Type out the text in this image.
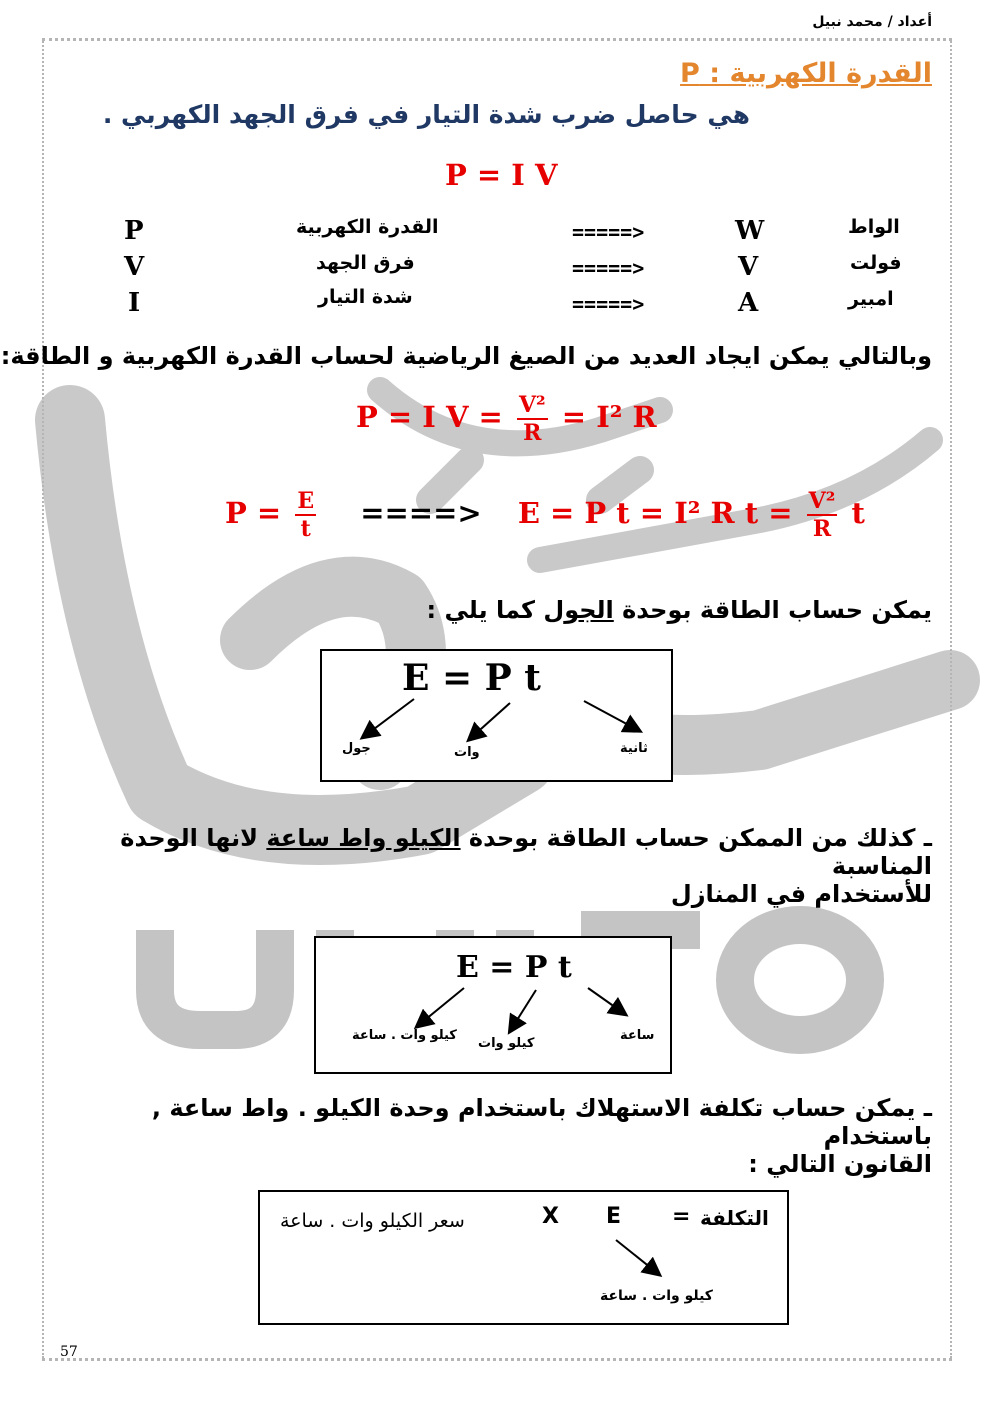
أعداد / محمد نبيل
القدرة الكهربية : P
هي حاصل ضرب شدة التيار في فرق الجهد الكهربي .
P = I V
P	القدرة الكهربية	=====>	W	الواط
V	فرق الجهد	=====>	V	فولت
I	شدة التيار	=====>	A	امبير
وبالتالي يمكن ايجاد العديد من الصيغ الرياضية لحساب القدرة الكهربية و الطاقة:
P = I $V = \frac{\text{V²}}{R} = I^2$ R
$P = \frac{E}{t}$ ====> E = P t = I² R $t = \frac{\text{V²}}{R}$ t
يمكن حساب الطاقة بوحدة الجول كما يلي :
E = P t
جول	وات	ثانية
ـ كذلك من الممكن حساب الطاقة بوحدة الكيلو واط ساعة لانها الوحدة المناسبة
للأستخدام في المنازل
E = P t
كيلو وات . ساعة
كيلو وات
ساعة
ـ يمكن حساب تكلفة الاستهلاك باستخدام وحدة الكيلو . واط ساعة , باستخدام
القانون التالي :
التكلفة
=
E
X
سعر الكيلو وات . ساعة
كيلو وات . ساعة
57
